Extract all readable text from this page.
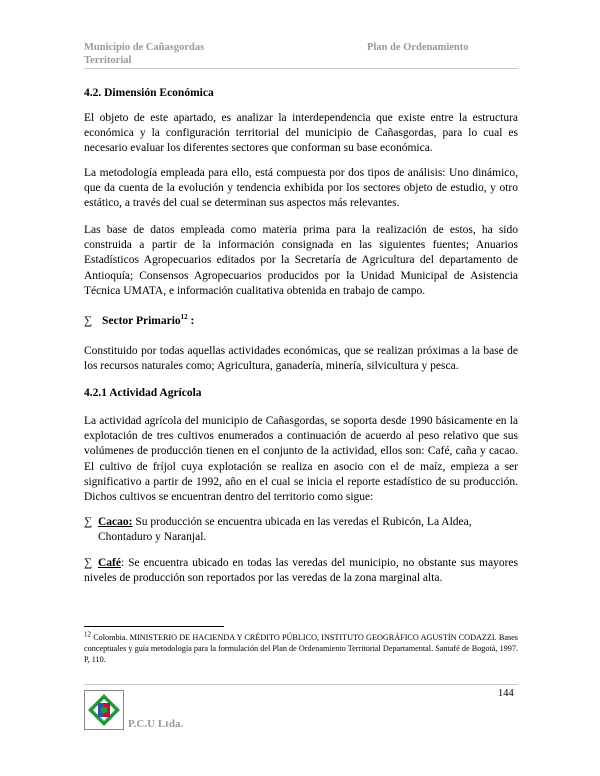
Municipio de Cañasgordas	Plan de Ordenamiento
Territorial
4.2. Dimensión Económica
El objeto de este apartado, es analizar la interdependencia que existe entre la estructura económica y la configuración territorial del municipio de Cañasgordas, para lo cual es necesario evaluar los diferentes sectores que conforman su base económica.
La metodología empleada para ello, está compuesta por dos tipos de análisis: Uno dinámico, que da cuenta de la evolución y tendencia exhibida por los sectores objeto de estudio, y otro estático, a través del cual se determinan sus aspectos más relevantes.
Las base de datos empleada como materia prima para la realización de estos, ha sido construida a partir de la información consignada en las siguientes fuentes; Anuarios Estadísticos Agropecuarios editados por la Secretaría de Agricultura del departamento de Antioquía; Consensos Agropecuarios producidos por la Unidad Municipal de Asistencia Técnica UMATA, e información cualitativa obtenida en trabajo de campo.
∑ Sector Primario$^{12}$ :
Constituido por todas aquellas actividades económicas, que se realizan próximas a la base de los recursos naturales como; Agricultura, ganadería, minería, silvicultura y pesca.
4.2.1 Actividad Agrícola
La actividad agrícola del municipio de Cañasgordas, se soporta desde 1990 básicamente en la explotación de tres cultivos enumerados a continuación de acuerdo al peso relativo que sus volúmenes de producción tienen en el conjunto de la actividad, ellos son: Café, caña y cacao. El cultivo de fríjol cuya explotación se realiza en asocio con el de maíz, empieza a ser significativo a partir de 1992, año en el cual se inicia el reporte estadístico de su producción. Dichos cultivos se encuentran dentro del territorio como sigue:
∑ Cacao: Su producción se encuentra ubicada en las veredas el Rubicón, La Aldea,
Chontaduro y Naranjal.
∑ Café: Se encuentra ubicado en todas las veredas del municipio, no obstante sus mayores niveles de producción son reportados por las veredas de la zona marginal alta.
$^{12}$ Colombia. MINISTERIO DE HACIENDA Y CRÉDITO PÚBLICO, INSTITUTO GEOGRÁFICO AGUSTÍN CODAZZI. Bases conceptuales y guía metodología para la formulación del Plan de Ordenamiento Territorial Departamental. Santafé de Bogotá, 1997. P, 110.
144
P.C.U Ltda.
